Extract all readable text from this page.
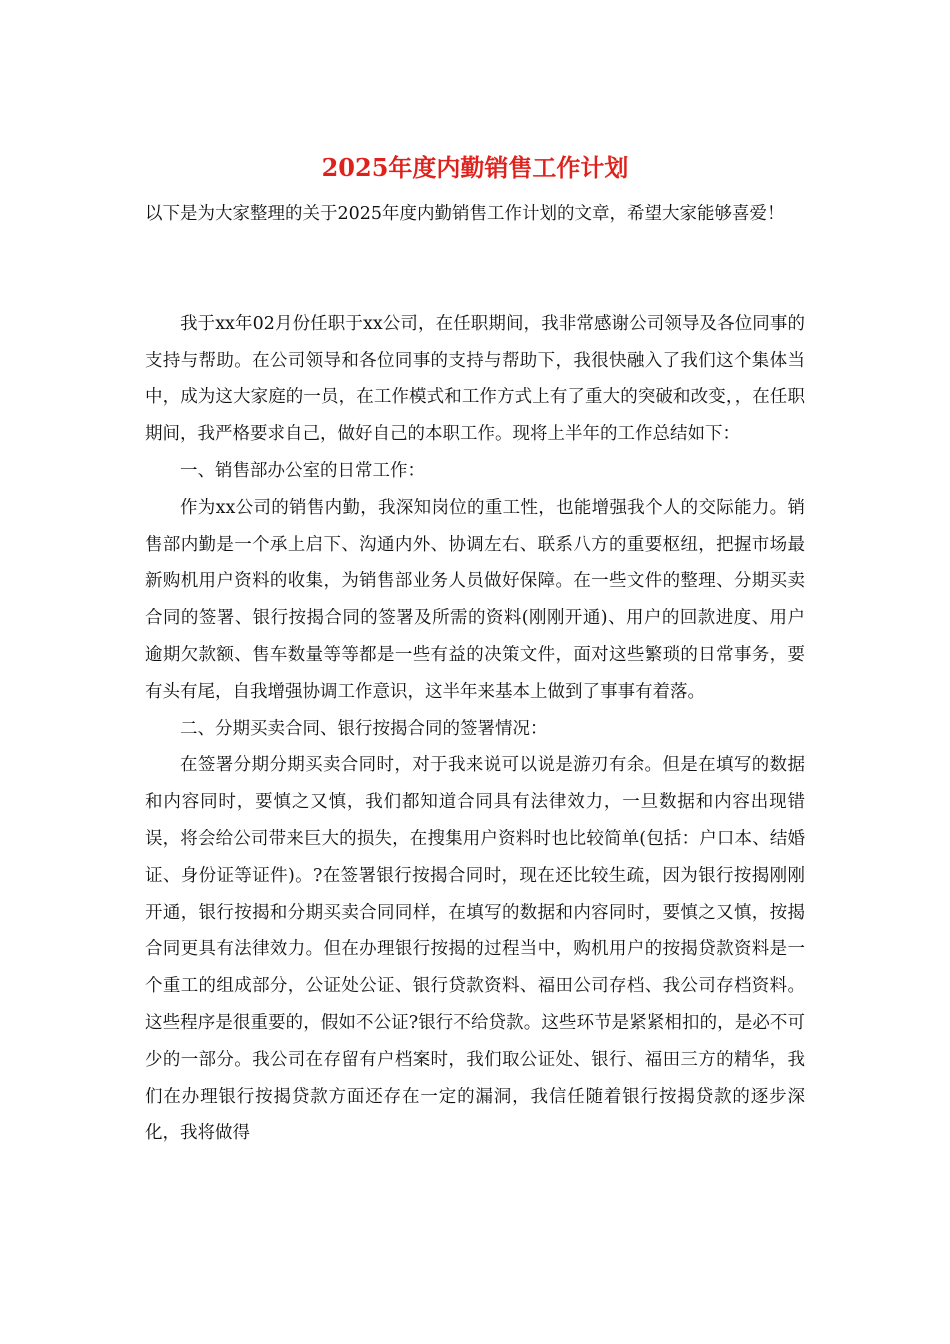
2025年度内勤销售工作计划

以下是为大家整理的关于2025年度内勤销售工作计划的文章，希望大家能够喜爱！

我于xx年02月份任职于xx公司，在任职期间，我非常感谢公司领导及各位同事的支持与帮助。在公司领导和各位同事的支持与帮助下，我很快融入了我们这个集体当中，成为这大家庭的一员，在工作模式和工作方式上有了重大的突破和改变，，在任职期间，我严格要求自己，做好自己的本职工作。现将上半年的工作总结如下：

一、销售部办公室的日常工作：

作为xx公司的销售内勤，我深知岗位的重工性，也能增强我个人的交际能力。销售部内勤是一个承上启下、沟通内外、协调左右、联系八方的重要枢纽，把握市场最新购机用户资料的收集，为销售部业务人员做好保障。在一些文件的整理、分期买卖合同的签署、银行按揭合同的签署及所需的资料(刚刚开通)、用户的回款进度、用户逾期欠款额、售车数量等等都是一些有益的决策文件，面对这些繁琐的日常事务，要有头有尾，自我增强协调工作意识，这半年来基本上做到了事事有着落。

二、分期买卖合同、银行按揭合同的签署情况：

在签署分期分期买卖合同时，对于我来说可以说是游刃有余。但是在填写的数据和内容同时，要慎之又慎，我们都知道合同具有法律效力，一旦数据和内容出现错误，将会给公司带来巨大的损失，在搜集用户资料时也比较简单(包括：户口本、结婚证、身份证等证件)。?在签署银行按揭合同时，现在还比较生疏，因为银行按揭刚刚开通，银行按揭和分期买卖合同同样，在填写的数据和内容同时，要慎之又慎，按揭合同更具有法律效力。但在办理银行按揭的过程当中，购机用户的按揭贷款资料是一个重工的组成部分，公证处公证、银行贷款资料、福田公司存档、我公司存档资料。这些程序是很重要的，假如不公证?银行不给贷款。这些环节是紧紧相扣的，是必不可少的一部分。我公司在存留有户档案时，我们取公证处、银行、福田三方的精华，我们在办理银行按揭贷款方面还存在一定的漏洞，我信任随着银行按揭贷款的逐步深化，我将做得
